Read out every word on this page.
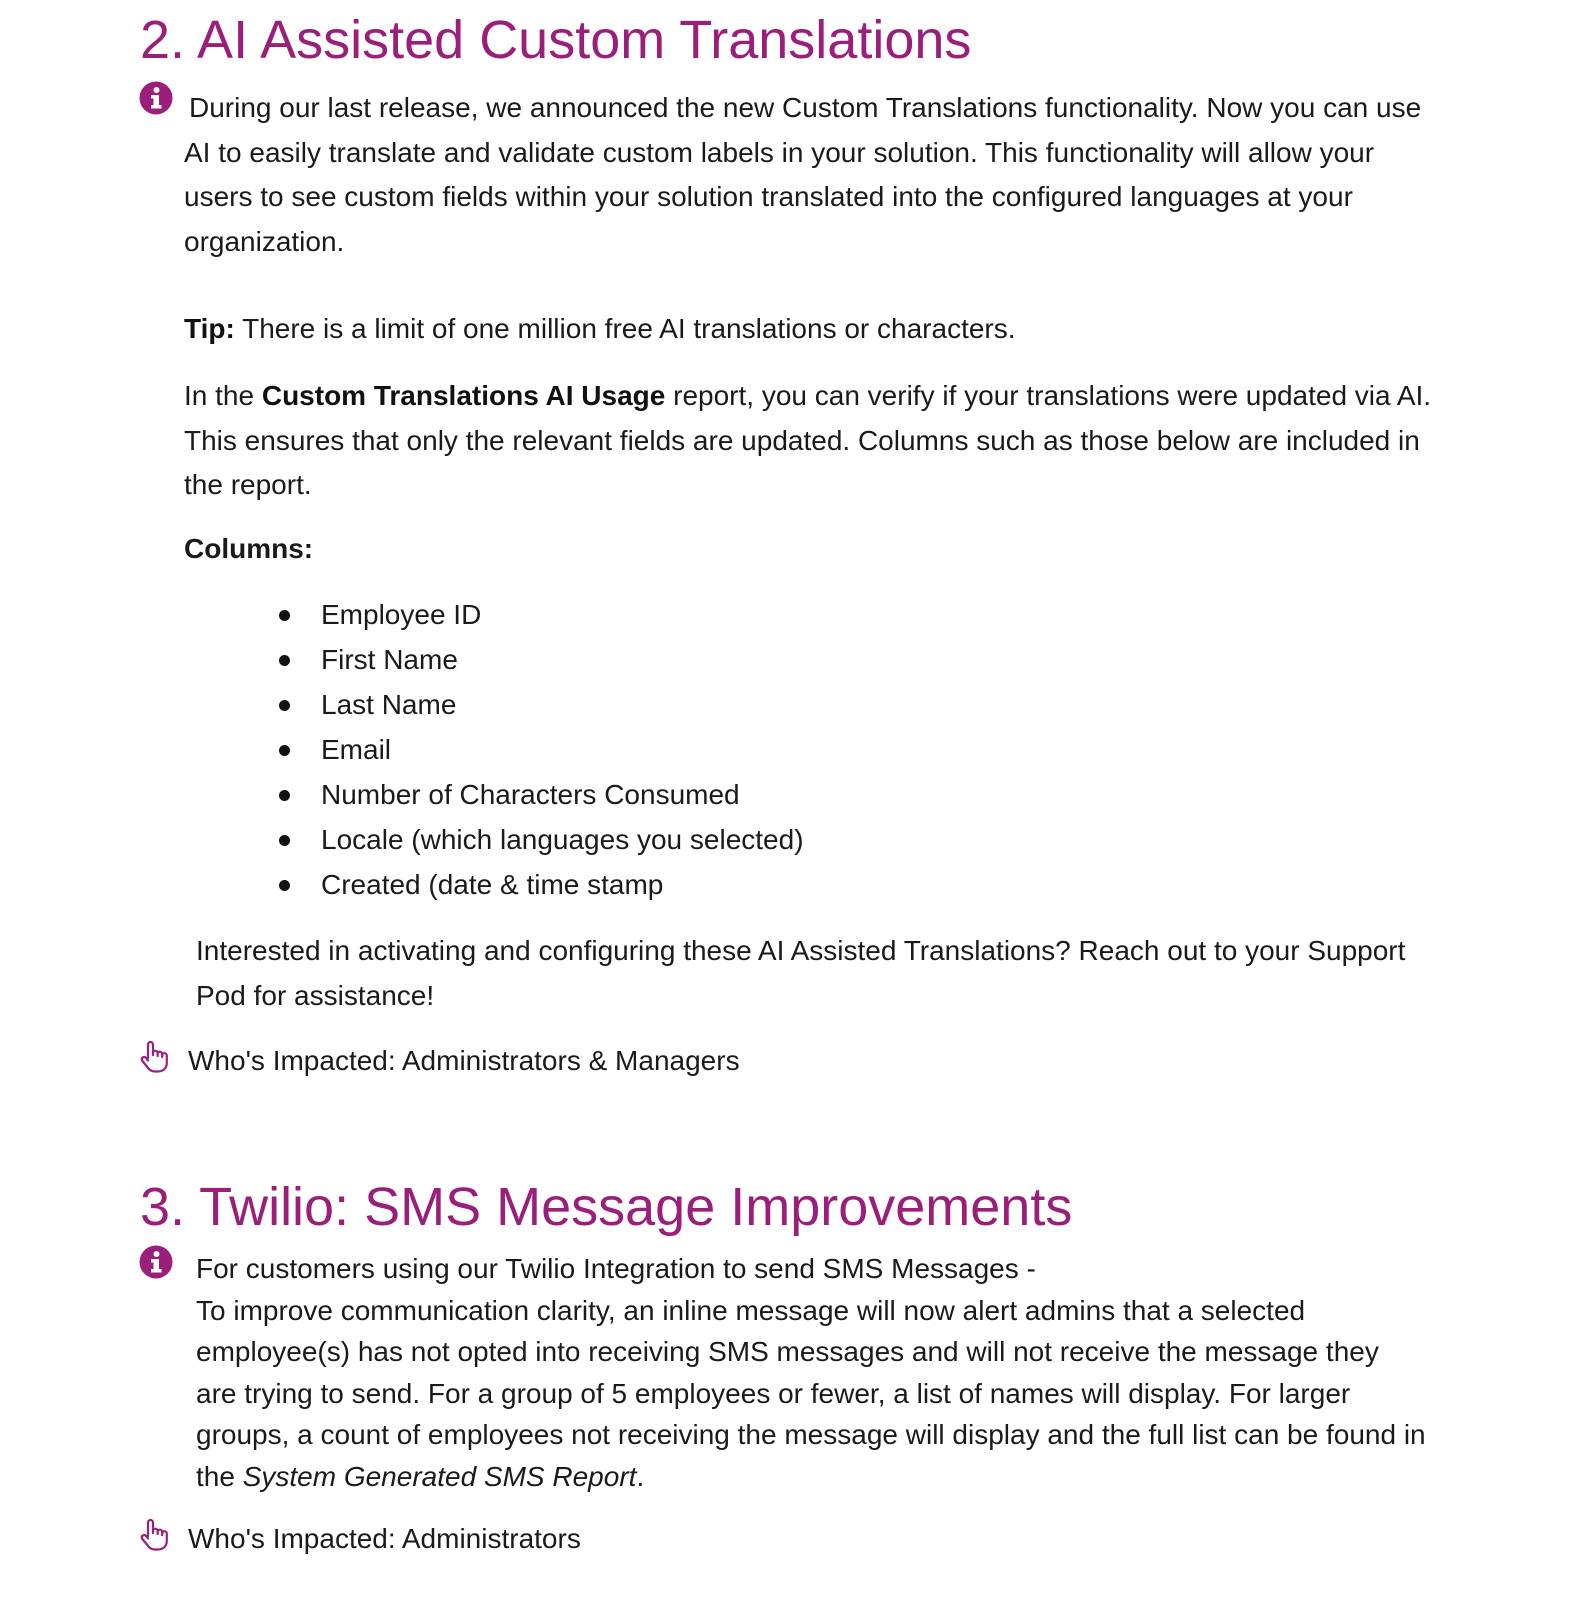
2. AI Assisted Custom Translations

During our last release, we announced the new Custom Translations functionality. Now you can use AI to easily translate and validate custom labels in your solution. This functionality will allow your users to see custom fields within your solution translated into the configured languages at your organization.

Tip: There is a limit of one million free AI translations or characters.

In the Custom Translations AI Usage report, you can verify if your translations were updated via AI. This ensures that only the relevant fields are updated. Columns such as those below are included in the report.

Columns:

Employee ID
First Name
Last Name
Email
Number of Characters Consumed
Locale (which languages you selected)
Created (date & time stamp

Interested in activating and configuring these AI Assisted Translations? Reach out to your Support Pod for assistance!

Who's Impacted: Administrators & Managers

3. Twilio: SMS Message Improvements

For customers using our Twilio Integration to send SMS Messages -
To improve communication clarity, an inline message will now alert admins that a selected employee(s) has not opted into receiving SMS messages and will not receive the message they are trying to send. For a group of 5 employees or fewer, a list of names will display. For larger groups, a count of employees not receiving the message will display and the full list can be found in the System Generated SMS Report.

Who's Impacted: Administrators
